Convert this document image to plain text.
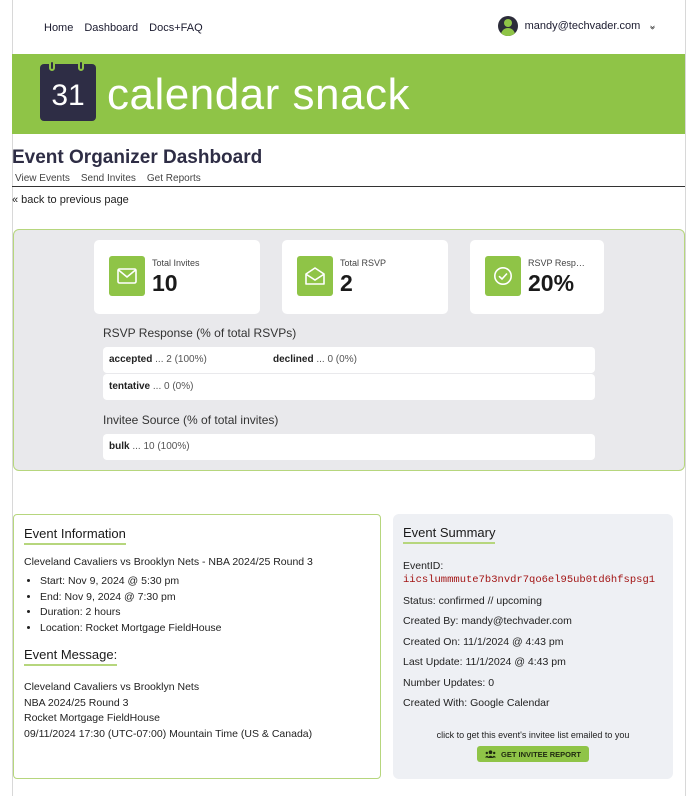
Home Dashboard Docs+FAQ	mandy@techvader.com ››
31 calendar snack
Event Organizer Dashboard
View Events Send Invites Get Reports
« back to previous page
Total Invites
10
Total RSVP
2
RSVP Resp…
20%
RSVP Response (% of total RSVPs)
accepted ... 2 (100%)	declined ... 0 (0%)
tentative ... 0 (0%)
Invitee Source (% of total invites)
bulk ... 10 (100%)
Event Information
Cleveland Cavaliers vs Brooklyn Nets - NBA 2024/25 Round 3
• Start: Nov 9, 2024 @ 5:30 pm
• End: Nov 9, 2024 @ 7:30 pm
• Duration: 2 hours
• Location: Rocket Mortgage FieldHouse
Event Message:
Cleveland Cavaliers vs Brooklyn Nets
NBA 2024/25 Round 3
Rocket Mortgage FieldHouse
09/11/2024 17:30 (UTC-07:00) Mountain Time (US & Canada)
Event Summary
EventID:
iicslummmute7b3nvdr7qo6el95ub0td6hfspsg1
Status: confirmed // upcoming
Created By: mandy@techvader.com
Created On: 11/1/2024 @ 4:43 pm
Last Update: 11/1/2024 @ 4:43 pm
Number Updates: 0
Created With: Google Calendar
click to get this event's invitee list emailed to you
GET INVITEE REPORT
